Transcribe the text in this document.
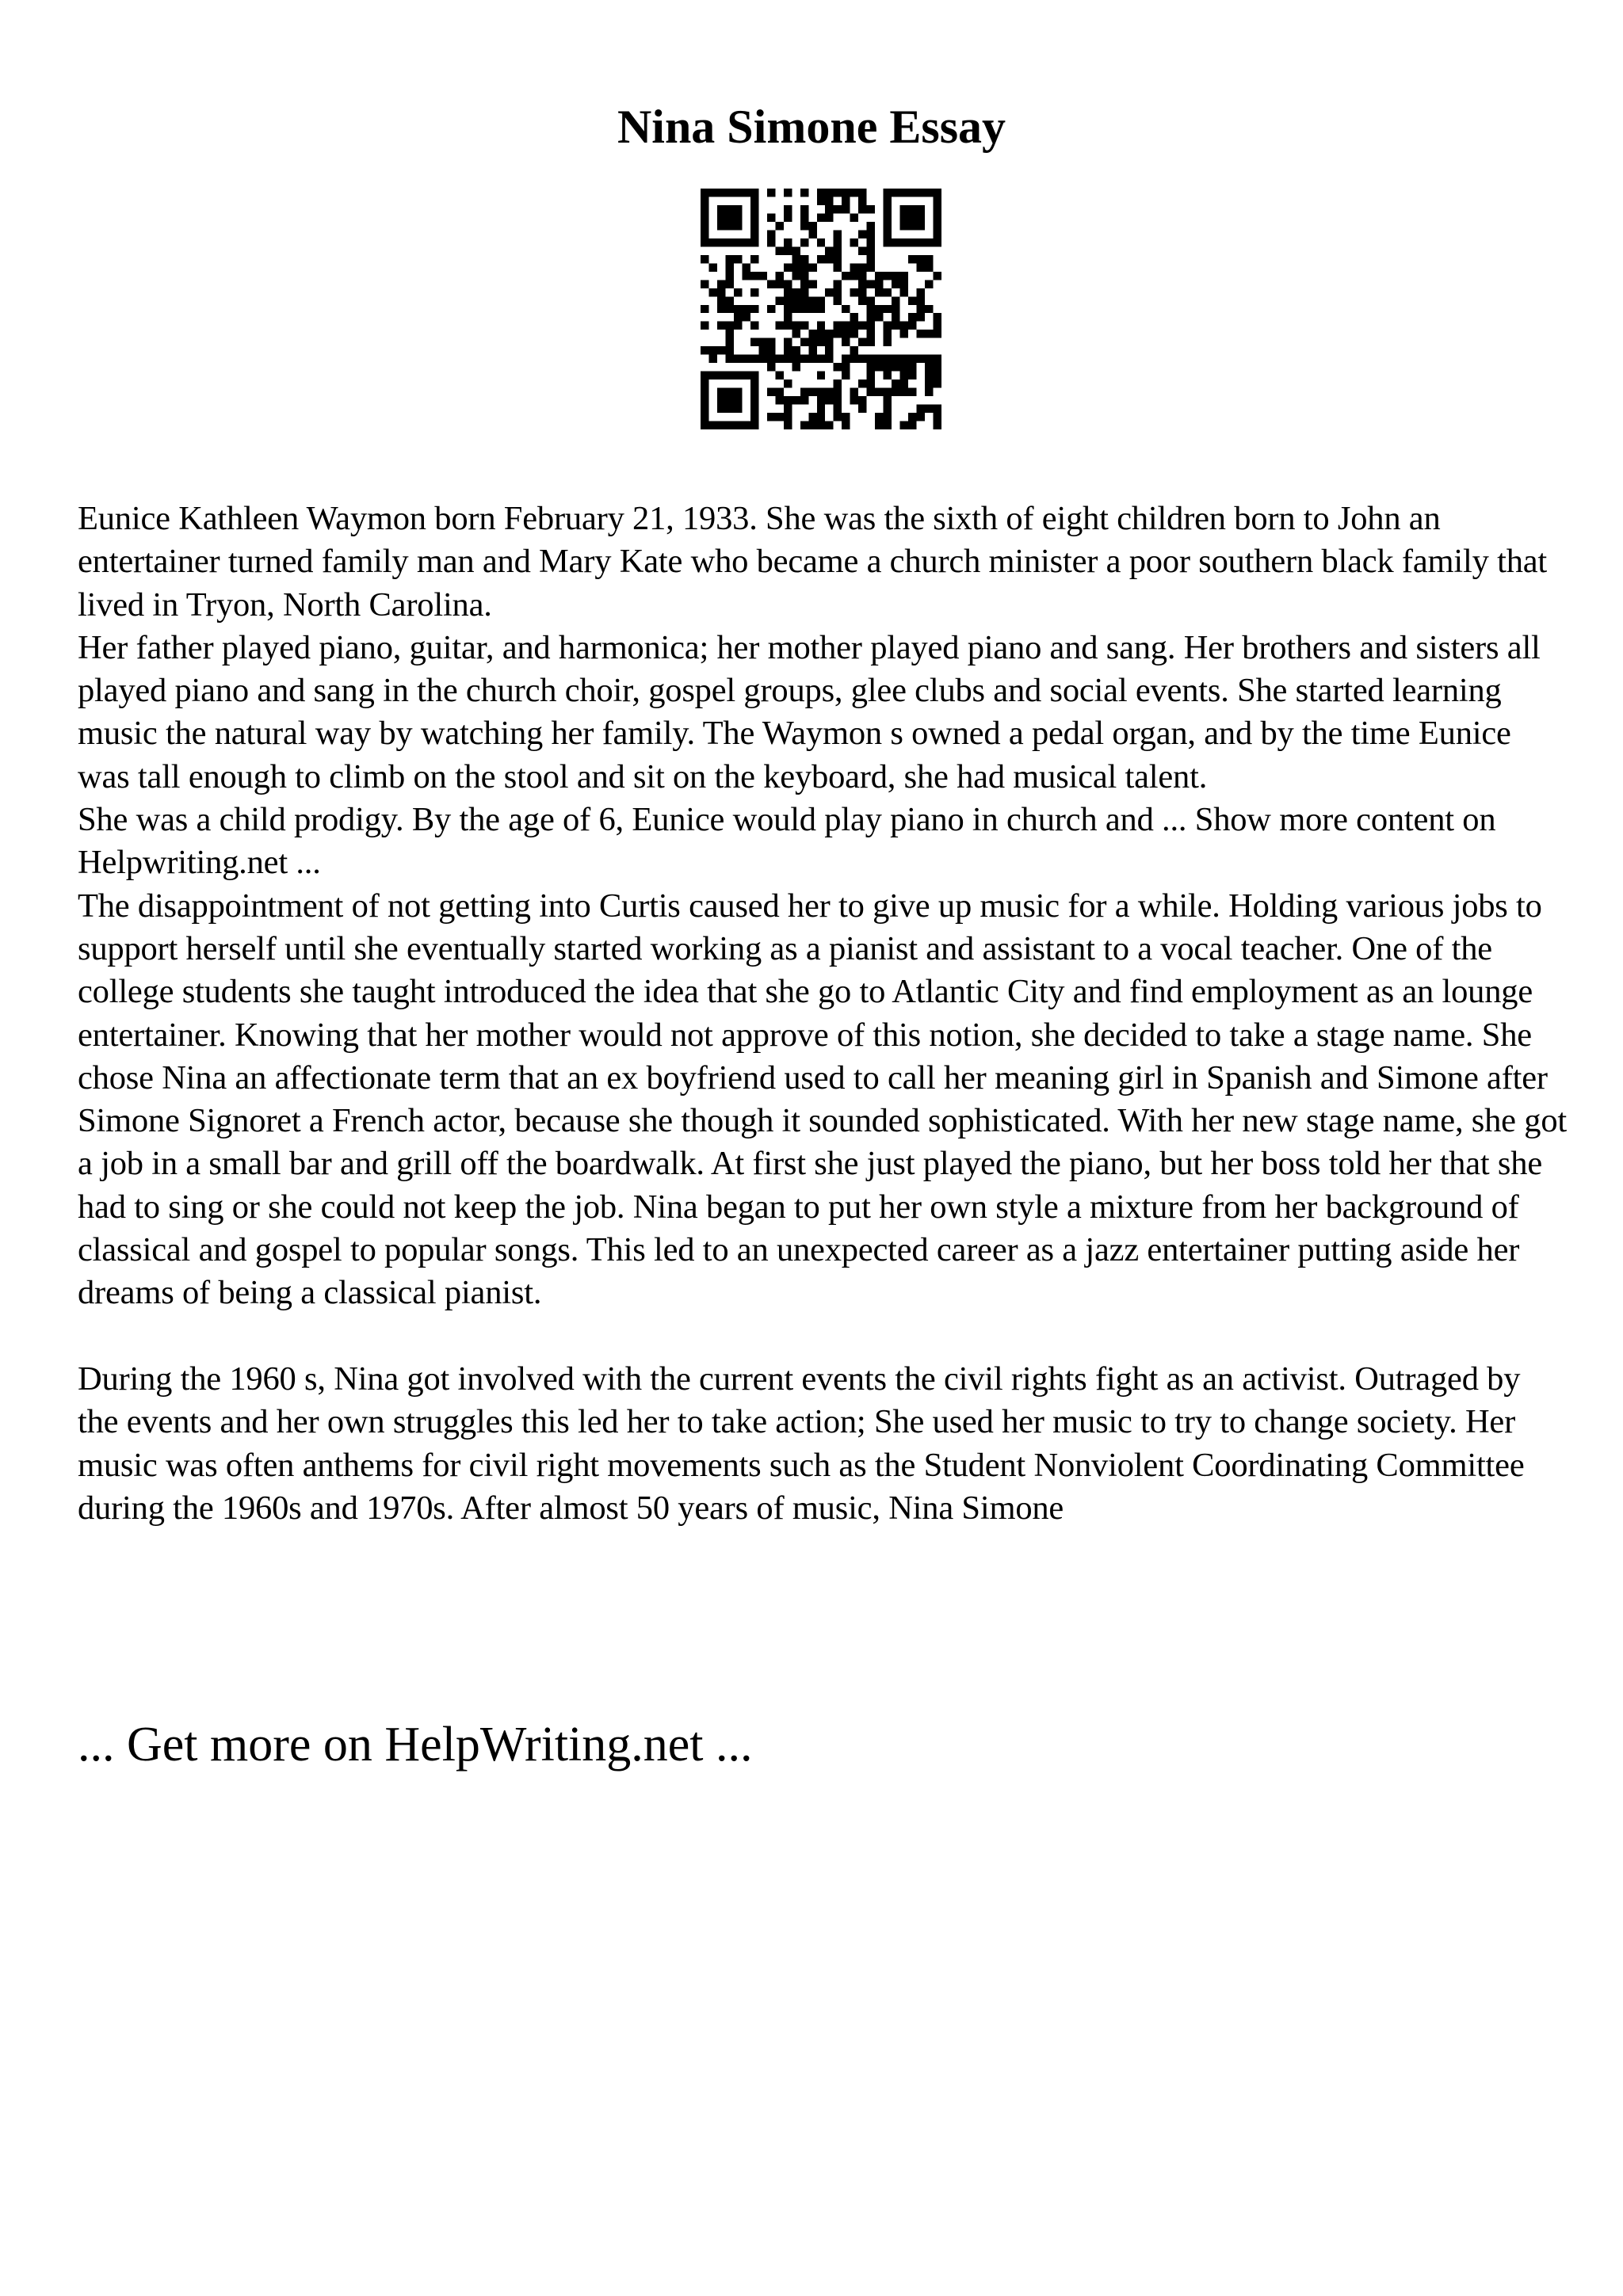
Nina Simone Essay

Eunice Kathleen Waymon born February 21, 1933. She was the sixth of eight children born to John an entertainer turned family man and Mary Kate who became a church minister a poor southern black family that lived in Tryon, North Carolina.

Her father played piano, guitar, and harmonica; her mother played piano and sang. Her brothers and sisters all played piano and sang in the church choir, gospel groups, glee clubs and social events. She started learning music the natural way by watching her family. The Waymon s owned a pedal organ, and by the time Eunice was tall enough to climb on the stool and sit on the keyboard, she had musical talent.

She was a child prodigy. By the age of 6, Eunice would play piano in church and ... Show more content on Helpwriting.net ...

The disappointment of not getting into Curtis caused her to give up music for a while. Holding various jobs to support herself until she eventually started working as a pianist and assistant to a vocal teacher. One of the college students she taught introduced the idea that she go to Atlantic City and find employment as an lounge entertainer. Knowing that her mother would not approve of this notion, she decided to take a stage name. She chose Nina an affectionate term that an ex boyfriend used to call her meaning girl in Spanish and Simone after Simone Signoret a French actor, because she though it sounded sophisticated. With her new stage name, she got a job in a small bar and grill off the boardwalk. At first she just played the piano, but her boss told her that she had to sing or she could not keep the job. Nina began to put her own style a mixture from her background of classical and gospel to popular songs. This led to an unexpected career as a jazz entertainer putting aside her dreams of being a classical pianist.

During the 1960 s, Nina got involved with the current events the civil rights fight as an activist. Outraged by the events and her own struggles this led her to take action; She used her music to try to change society. Her music was often anthems for civil right movements such as the Student Nonviolent Coordinating Committee during the 1960s and 1970s. After almost 50 years of music, Nina Simone

... Get more on HelpWriting.net ...
